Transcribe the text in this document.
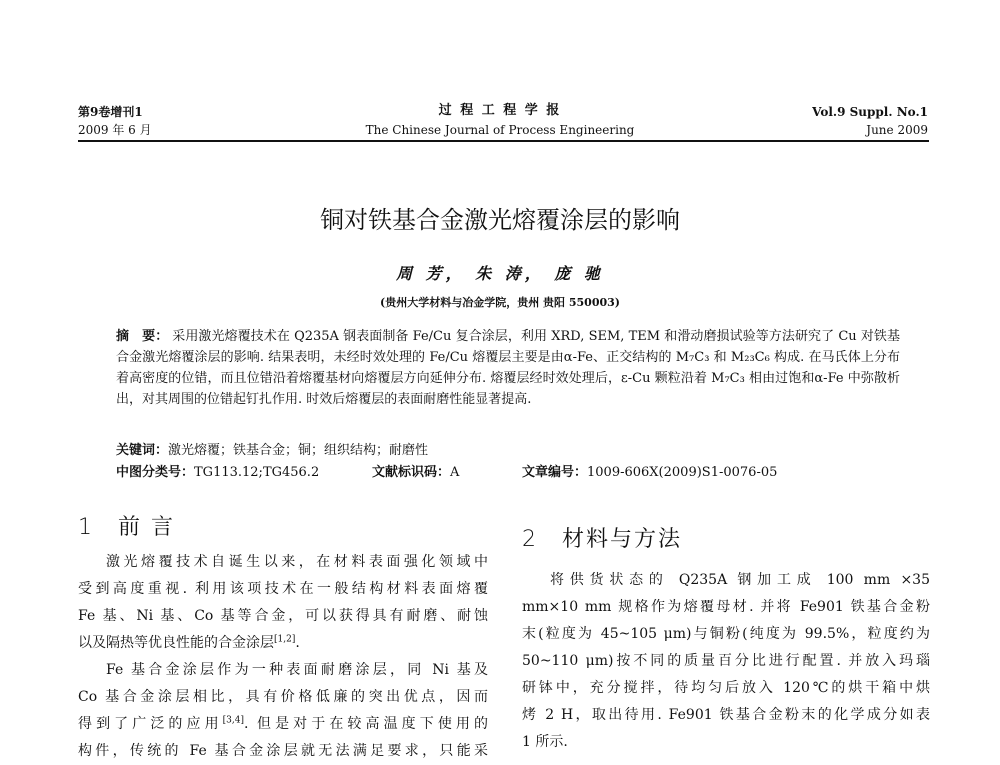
第9卷增刊1
2009 年 6 月
过 程 工 程 学 报
The Chinese Journal of Process Engineering
Vol.9 Suppl. No.1
June 2009
铜对铁基合金激光熔覆涂层的影响
周 芳， 朱 涛， 庞 驰
(贵州大学材料与冶金学院，贵州 贵阳 550003)
摘　要： 采用激光熔覆技术在 Q235A 钢表面制备 Fe/Cu 复合涂层，利用 XRD, SEM, TEM 和滑动磨损试验等方法研究了 Cu 对铁基合金激光熔覆涂层的影响. 结果表明，未经时效处理的 Fe/Cu 熔覆层主要是由α-Fe、正交结构的 M₇C₃ 和 M₂₃C₆ 构成. 在马氏体上分布着高密度的位错，而且位错沿着熔覆基材向熔覆层方向延伸分布. 熔覆层经时效处理后，ε-Cu 颗粒沿着 M₇C₃ 相由过饱和α-Fe 中弥散析出，对其周围的位错起钉扎作用. 时效后熔覆层的表面耐磨性能显著提高.
关键词：激光熔覆；铁基合金；铜；组织结构；耐磨性
中图分类号：TG113.12;TG456.2	文献标识码：A	文章编号：1009-606X(2009)S1-0076-05
1　前 言
激光熔覆技术自诞生以来，在材料表面强化领域中
受到高度重视. 利用该项技术在一般结构材料表面熔覆
Fe 基、Ni 基、Co 基等合金，可以获得具有耐磨、耐蚀
以及隔热等优良性能的合金涂层[1,2].
Fe 基合金涂层作为一种表面耐磨涂层，同 Ni 基及
Co 基合金涂层相比，具有价格低廉的突出优点，因而
得到了广泛的应用[3,4]. 但是对于在较高温度下使用的
构件，传统的 Fe 基合金涂层就无法满足要求，只能采
2　材料与方法
将供货状态的 Q235A 钢加工成 100 mm ×35
mm×10 mm 规格作为熔覆母材. 并将 Fe901 铁基合金粉
末(粒度为 45~105 μm)与铜粉(纯度为 99.5%，粒度约为
50~110 μm)按不同的质量百分比进行配置. 并放入玛瑙
研钵中，充分搅拌，待均匀后放入 120℃的烘干箱中烘
烤 2 H，取出待用. Fe901 铁基合金粉末的化学成分如表
1 所示.
